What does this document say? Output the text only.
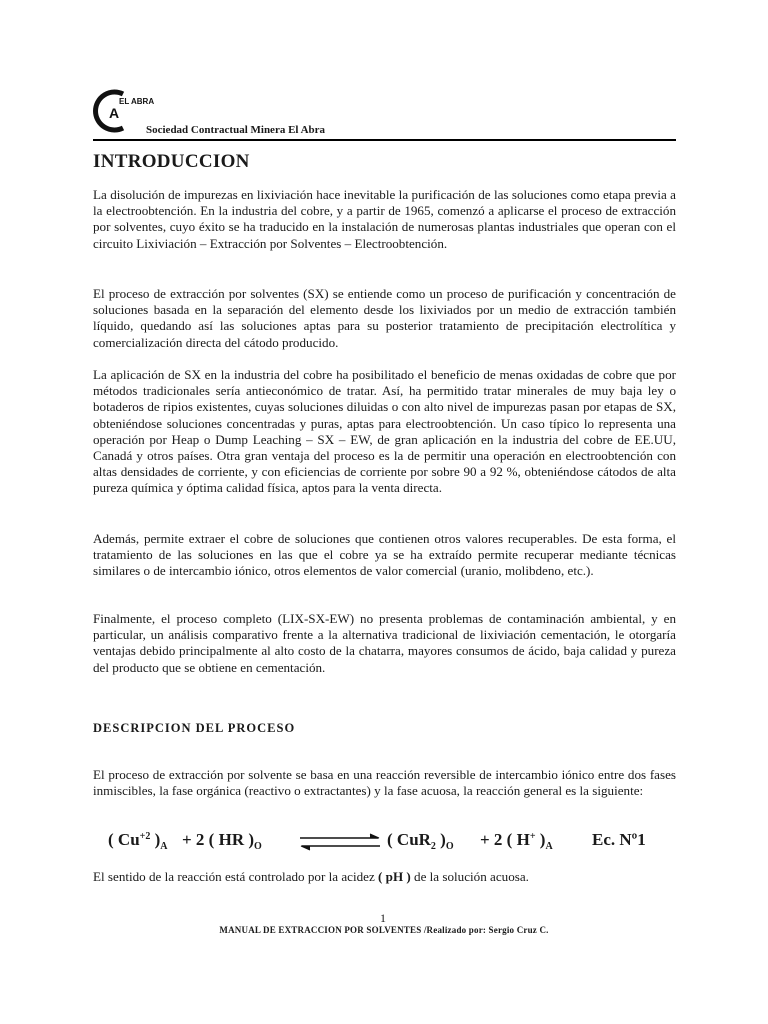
A
EL ABRA
Sociedad Contractual Minera El Abra
INTRODUCCION

La disolución de impurezas en lixiviación hace inevitable la purificación de las soluciones como etapa previa a la electroobtención. En la industria del cobre, y a partir de 1965, comenzó a aplicarse el proceso de extracción por solventes, cuyo éxito se ha traducido en la instalación de numerosas plantas industriales que operan con el circuito Lixiviación – Extracción por Solventes – Electroobtención.

El proceso de extracción por solventes (SX) se entiende como un proceso de purificación y concentración de soluciones basada en la separación del elemento desde los lixiviados por un medio de extracción también líquido, quedando así las soluciones aptas para su posterior tratamiento de precipitación electrolítica y comercialización directa del cátodo producido.

La aplicación de SX en la industria del cobre ha posibilitado el beneficio de menas oxidadas de cobre que por métodos tradicionales sería antieconómico de tratar. Así, ha permitido tratar minerales de muy baja ley o botaderos de ripios existentes, cuyas soluciones diluidas o con alto nivel de impurezas pasan por etapas de SX, obteniéndose soluciones concentradas y puras, aptas para electroobtención. Un caso típico lo representa una operación por Heap o Dump Leaching – SX – EW, de gran aplicación en la industria del cobre de EE.UU, Canadá y otros países. Otra gran ventaja del proceso es la de permitir una operación en electroobtención con altas densidades de corriente, y con eficiencias de corriente por sobre 90 a 92 %, obteniéndose cátodos de alta pureza química y óptima calidad física, aptos para la venta directa.

Además, permite extraer el cobre de soluciones que contienen otros valores recuperables. De esta forma, el tratamiento de las soluciones en las que el cobre ya se ha extraído permite recuperar mediante técnicas similares o de intercambio iónico, otros elementos de valor comercial (uranio, molibdeno, etc.).

Finalmente, el proceso completo (LIX-SX-EW) no presenta problemas de contaminación ambiental, y en particular, un análisis comparativo frente a la alternativa tradicional de lixiviación cementación, le otorgaría ventajas debido principalmente al alto costo de la chatarra, mayores consumos de ácido, baja calidad y pureza del producto que se obtiene en cementación.

DESCRIPCION DEL PROCESO

El proceso de extracción por solvente se basa en una reacción reversible de intercambio iónico entre dos fases inmiscibles, la fase orgánica (reactivo o extractantes) y la fase acuosa, la reacción general es la siguiente:

( $Cu^{+2}$ )$_A + 2$ ( HR )$_O$	( CuR$_2$ )$_O + 2$ ( H+ )$_A$ Ec. Nº1

El sentido de la reacción está controlado por la acidez ( pH ) de la solución acuosa.

1
MANUAL DE EXTRACCION POR SOLVENTES /Realizado por: Sergio Cruz C.
